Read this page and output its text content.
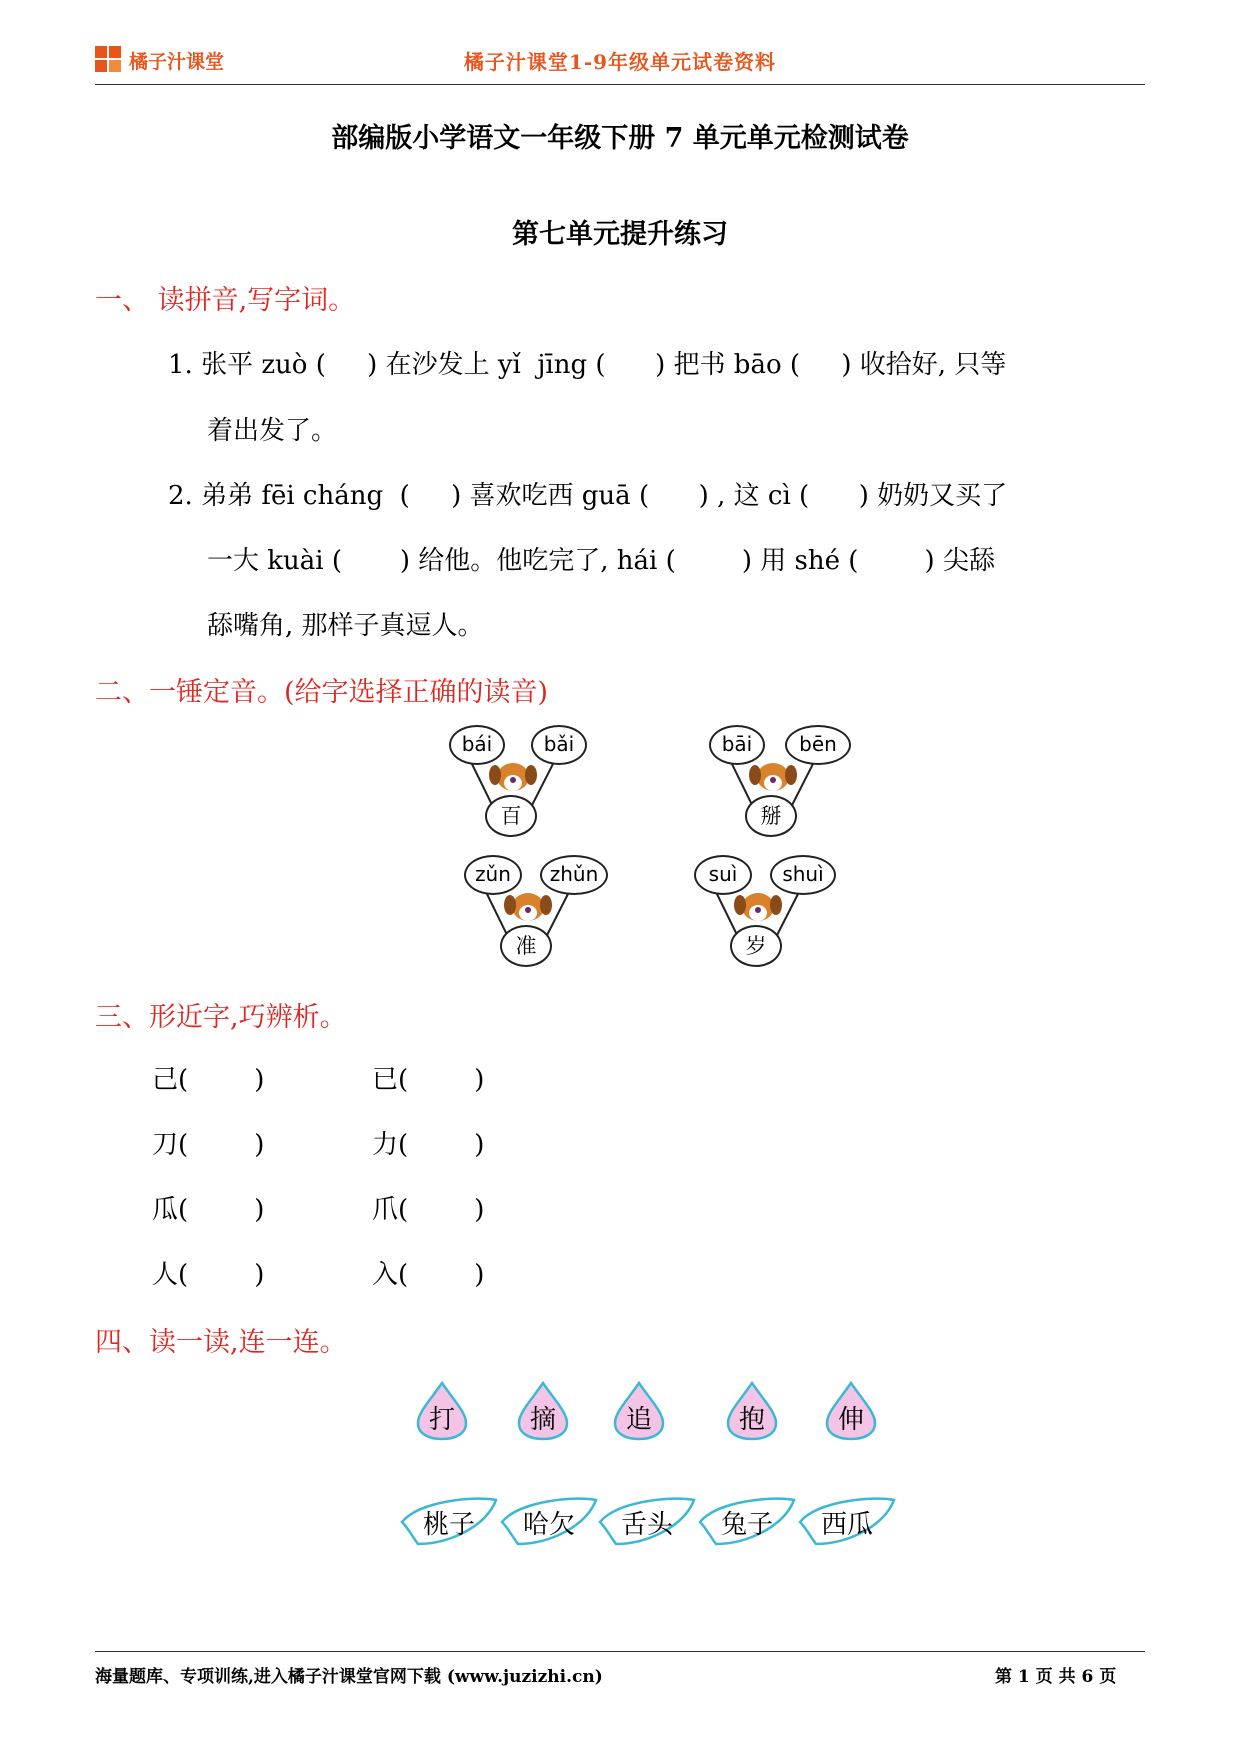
橘子汁课堂	橘子汁课堂1-9年级单元试卷资料
部编版小学语文一年级下册 7 单元单元检测试卷
第七单元提升练习
一、 读拼音,写字词。
1. 张平 zuò (     ) 在沙发上 yǐ  jīng (      ) 把书 bāo (     ) 收拾好, 只等
着出发了。
2. 弟弟 fēi cháng  (     ) 喜欢吃西 guā (      ) , 这 cì (      ) 奶奶又买了
一大 kuài (       ) 给他。他吃完了, hái (        ) 用 shé (        ) 尖舔
舔嘴角, 那样子真逗人。
二、一锤定音。(给字选择正确的读音)
bái	bǎi
百
bāi	bēn
掰
zǔn	zhǔn
准
suì	shuì
岁
三、形近字,巧辨析。
己(        )	已(        )
刀(        )	力(        )
瓜(        )	爪(        )
人(        )	入(        )
四、读一读,连一连。
打	摘	追	抱	伸
桃子	哈欠	舌头	兔子	西瓜
海量题库、专项训练,进入橘子汁课堂官网下载 (www.juzizhi.cn)	第 1 页 共 6 页
